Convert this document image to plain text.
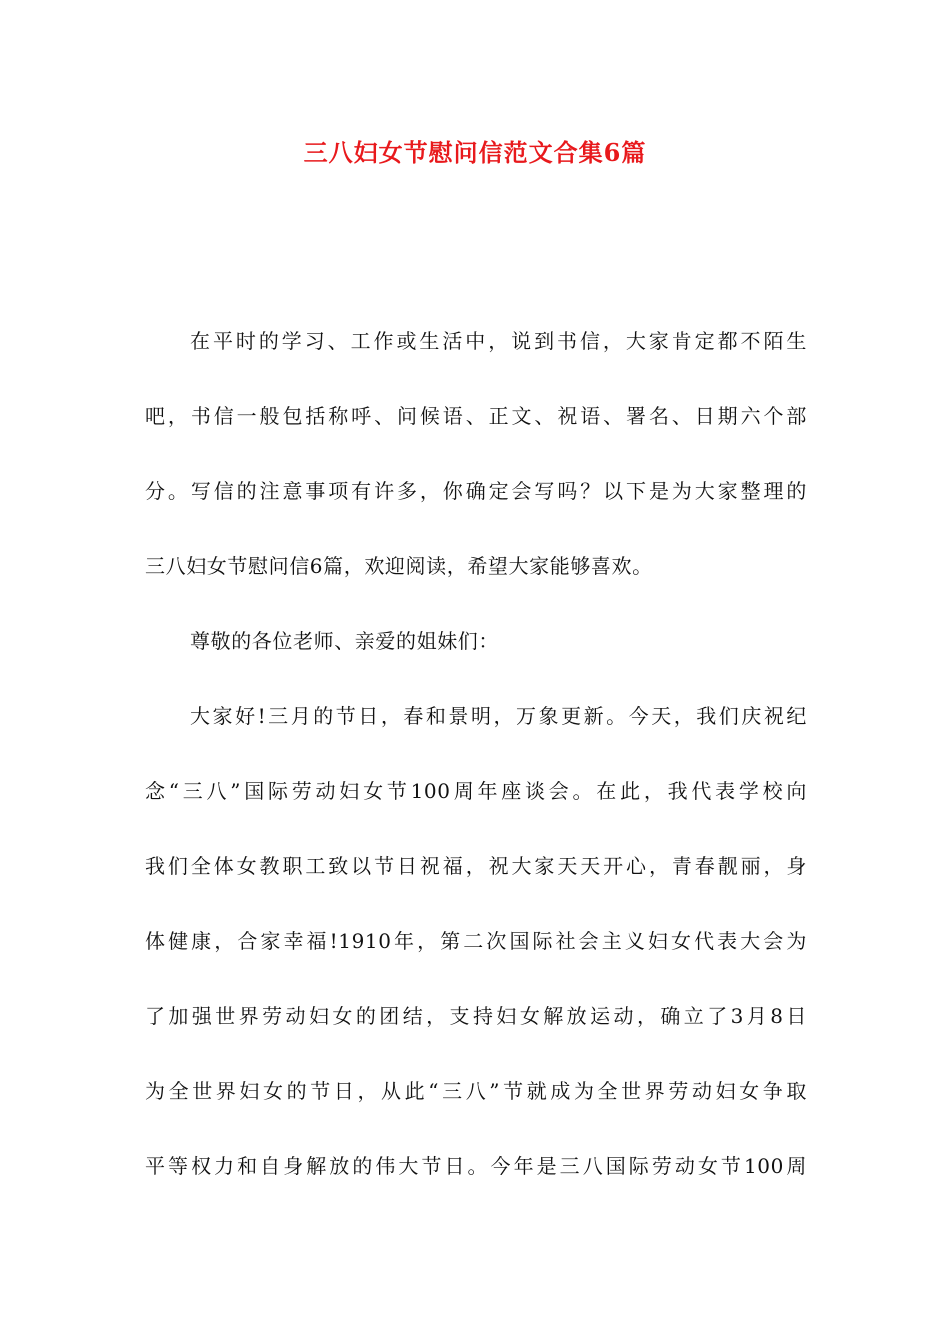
三八妇女节慰问信范文合集6篇
在平时的学习、工作或生活中，说到书信，大家肯定都不陌生
吧，书信一般包括称呼、问候语、正文、祝语、署名、日期六个部
分。写信的注意事项有许多，你确定会写吗？以下是为大家整理的
三八妇女节慰问信6篇，欢迎阅读，希望大家能够喜欢。
尊敬的各位老师、亲爱的姐妹们：
大家好!三月的节日，春和景明，万象更新。今天，我们庆祝纪
念“三八”国际劳动妇女节100周年座谈会。在此，我代表学校向
我们全体女教职工致以节日祝福，祝大家天天开心，青春靓丽，身
体健康，合家幸福!1910年，第二次国际社会主义妇女代表大会为
了加强世界劳动妇女的团结，支持妇女解放运动，确立了3月8日
为全世界妇女的节日，从此“三八”节就成为全世界劳动妇女争取
平等权力和自身解放的伟大节日。今年是三八国际劳动女节100周
